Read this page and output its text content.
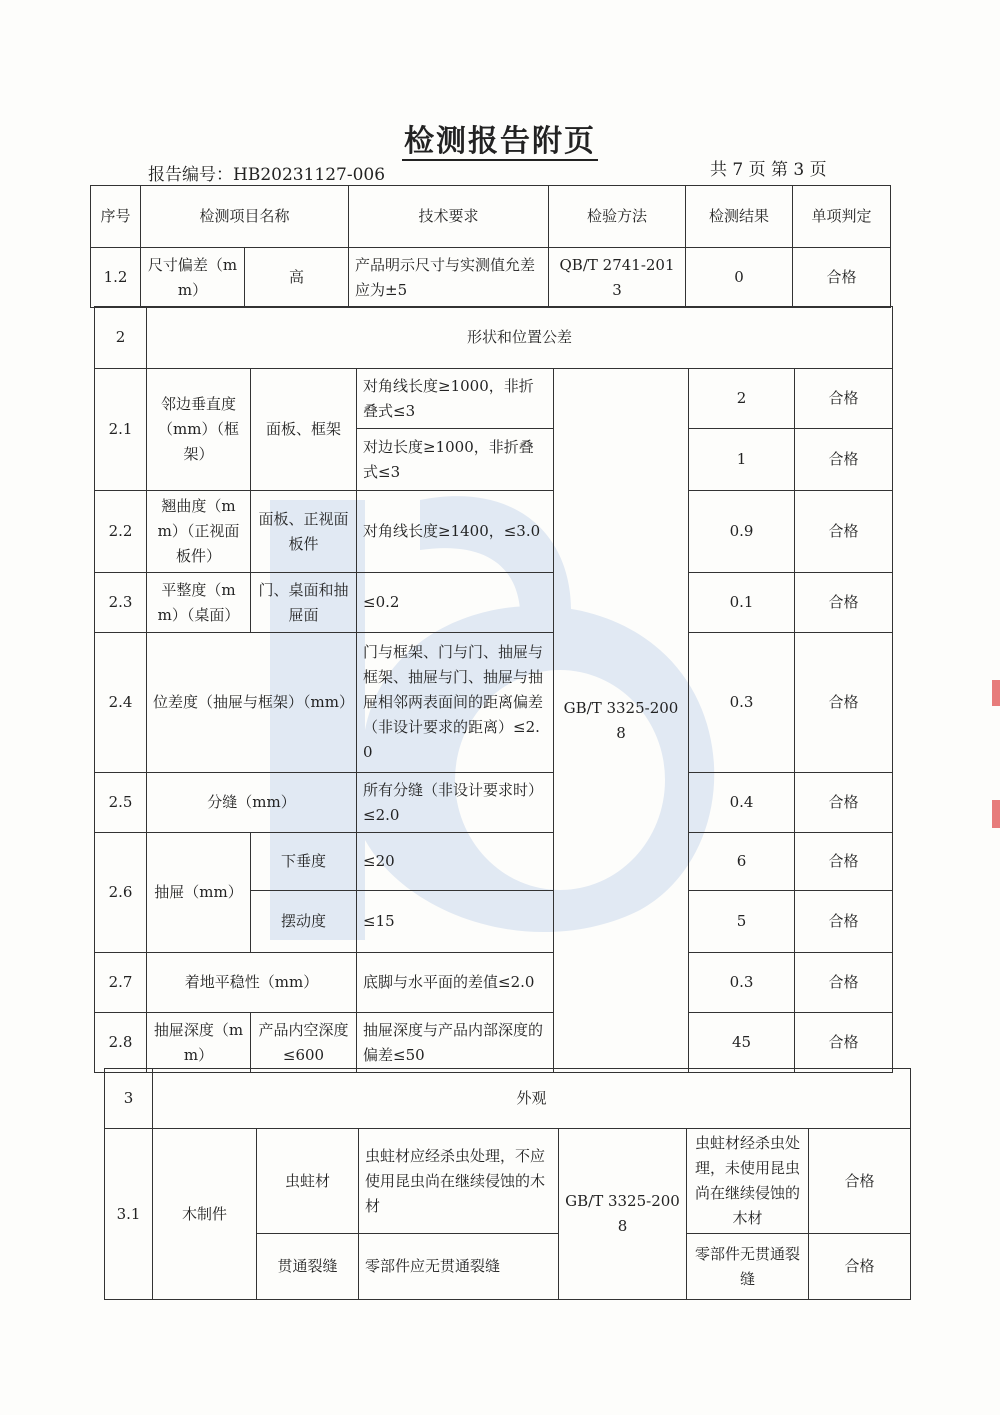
检测报告附页
报告编号：HB20231127-006	共 7 页 第 3 页
序号	检测项目名称		技术要求	检验方法	检测结果	单项判定
1.2	尺寸偏差（mm）	高	产品明示尺寸与实测值允差应为±5	QB/T 2741-2013	0	合格
2	形状和位置公差					
2.1	邻边垂直度（mm）（框架）	面板、框架	对角线长度≥1000，非折叠式≤3	GB/T 3325-2008	2	合格
			对边长度≥1000，非折叠式≤3		1	合格
2.2	翘曲度（mm）（正视面板件）	面板、正视面板件	对角线长度≥1400，≤3.0		0.9	合格
2.3	平整度（mm）（桌面）	门、桌面和抽屉面	≤0.2		0.1	合格
2.4	位差度（抽屉与框架）（mm）		门与框架、门与门、抽屉与框架、抽屉与门、抽屉与抽屉相邻两表面间的距离偏差（非设计要求的距离）≤2.0		0.3	合格
2.5	分缝（mm）		所有分缝（非设计要求时）≤2.0		0.4	合格
2.6	抽屉（mm）	下垂度	≤20		6	合格
		摆动度	≤15		5	合格
2.7	着地平稳性（mm）		底脚与水平面的差值≤2.0		0.3	合格
2.8	抽屉深度（mm）	产品内空深度≤600	抽屉深度与产品内部深度的偏差≤50		45	合格
3	外观					
3.1	木制件	虫蛀材	虫蛀材应经杀虫处理，不应使用昆虫尚在继续侵蚀的木材	GB/T 3325-2008	虫蛀材经杀虫处理，未使用昆虫尚在继续侵蚀的木材	合格
		贯通裂缝	零部件应无贯通裂缝		零部件无贯通裂缝	合格
